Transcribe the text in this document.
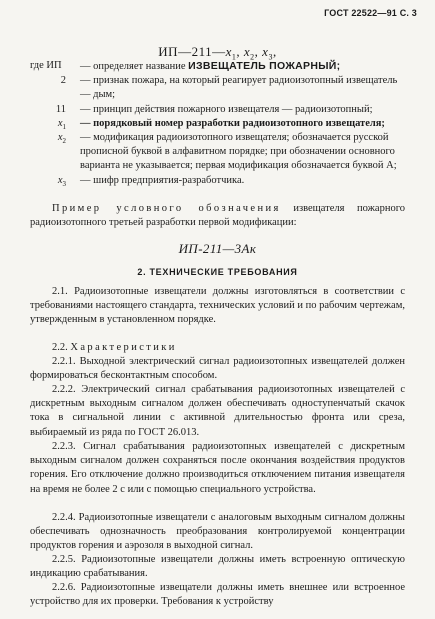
ГОСТ 22522—91 С. 3
$ИП—211—x_1$, $x_2$, $x_3$,
где ИП — определяет название ИЗВЕЩАТЕЛЬ ПОЖАРНЫЙ;
2 — признак пожара, на который реагирует радиоизотопный извещатель — дым;
11 — принцип действия пожарного извещателя — радиоизотопный;
$x_1$ — порядковый номер разработки радиоизотопного извещателя;
$x_2$ — модификация радиоизотопного извещателя; обозначается русской прописной буквой в алфавитном порядке; при обозначении основного варианта не указывается; первая модификация обозначается буквой А;
$x_3$ — шифр предприятия-разработчика.
Пример условного обозначения извещателя пожарного радиоизотопного третьей разработки первой модификации:
ИП-211—3Ак
2. ТЕХНИЧЕСКИЕ ТРЕБОВАНИЯ
2.1. Радиоизотопные извещатели должны изготовляться в соответствии с требованиями настоящего стандарта, технических условий и по рабочим чертежам, утвержденным в установленном порядке.
2.2. Характеристики
2.2.1. Выходной электрический сигнал радиоизотопных извещателей должен формироваться бесконтактным способом.
2.2.2. Электрический сигнал срабатывания радиоизотопных извещателей с дискретным выходным сигналом должен обеспечивать одноступенчатый скачок тока в сигнальной линии с активной длительностью фронта или среза, выбираемый из ряда по ГОСТ 26.013.
2.2.3. Сигнал срабатывания радиоизотопных извещателей с дискретным выходным сигналом должен сохраняться после окончания воздействия продуктов горения. Его отключение должно производиться отключением питания извещателя на время не более 2 с или с помощью специального устройства.
2.2.4. Радиоизотопные извещатели с аналоговым выходным сигналом должны обеспечивать однозначность преобразования контролируемой концентрации продуктов горения и аэрозоля в выходной сигнал.
2.2.5. Радиоизотопные извещатели должны иметь встроенную оптическую индикацию срабатывания.
2.2.6. Радиоизотопные извещатели должны иметь внешнее или встроенное устройство для их проверки. Требования к устройству
